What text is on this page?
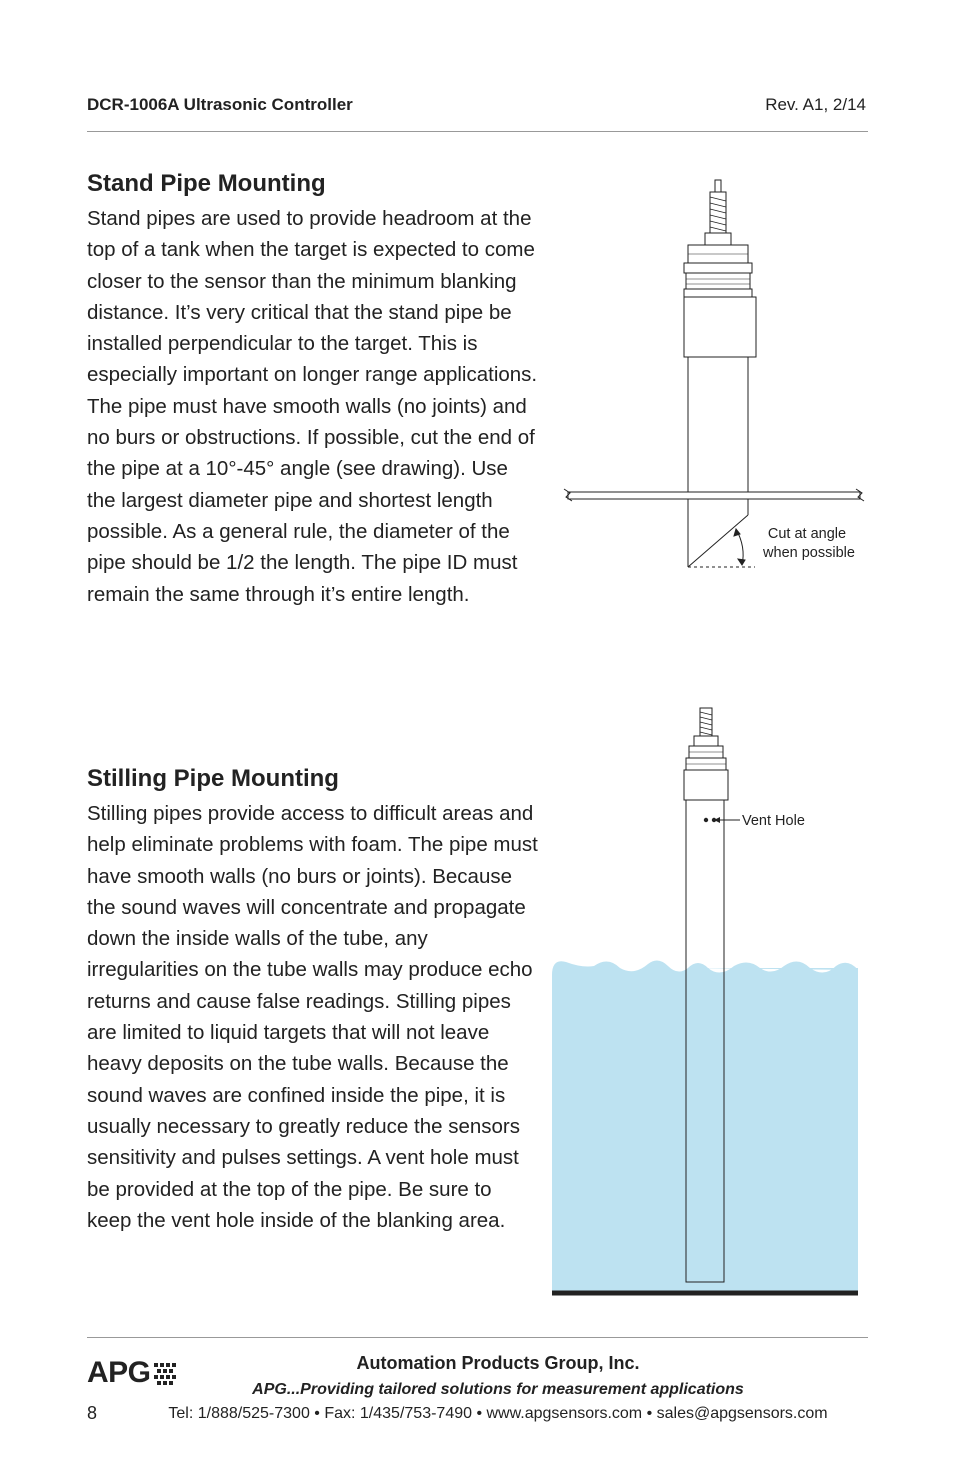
DCR-1006A Ultrasonic Controller	Rev. A1, 2/14
Stand Pipe Mounting

Stand pipes are used to provide headroom at the top of a tank when the target is expected to come closer to the sensor than the minimum blanking distance. It’s very critical that the stand pipe be installed perpendicular to the target. This is especially important on longer range applications. The pipe must have smooth walls (no joints) and no burs or obstructions. If possible, cut the end of the pipe at a 10°-45° angle (see drawing). Use the largest diameter pipe and shortest length possible. As a general rule, the diameter of the pipe should be 1/2 the length. The pipe ID must remain the same through it’s entire length.

Cut at angle
when possible
Stilling Pipe Mounting

Stilling pipes provide access to difficult areas and help eliminate problems with foam. The pipe must have smooth walls (no burs or joints). Because the sound waves will concentrate and propagate down the inside walls of the tube, any irregularities on the tube walls may produce echo returns and cause false readings. Stilling pipes are limited to liquid targets that will not leave heavy deposits on the tube walls. Because the sound waves are confined inside the pipe, it is usually necessary to greatly reduce the sensors sensitivity and pulses settings. A vent hole must be provided at the top of the pipe. Be sure to keep the vent hole inside of the blanking area.

Vent Hole
APG
8
Automation Products Group, Inc.
APG...Providing tailored solutions for measurement applications
Tel: 1/888/525-7300 • Fax: 1/435/753-7490 • www.apgsensors.com • sales@apgsensors.com
